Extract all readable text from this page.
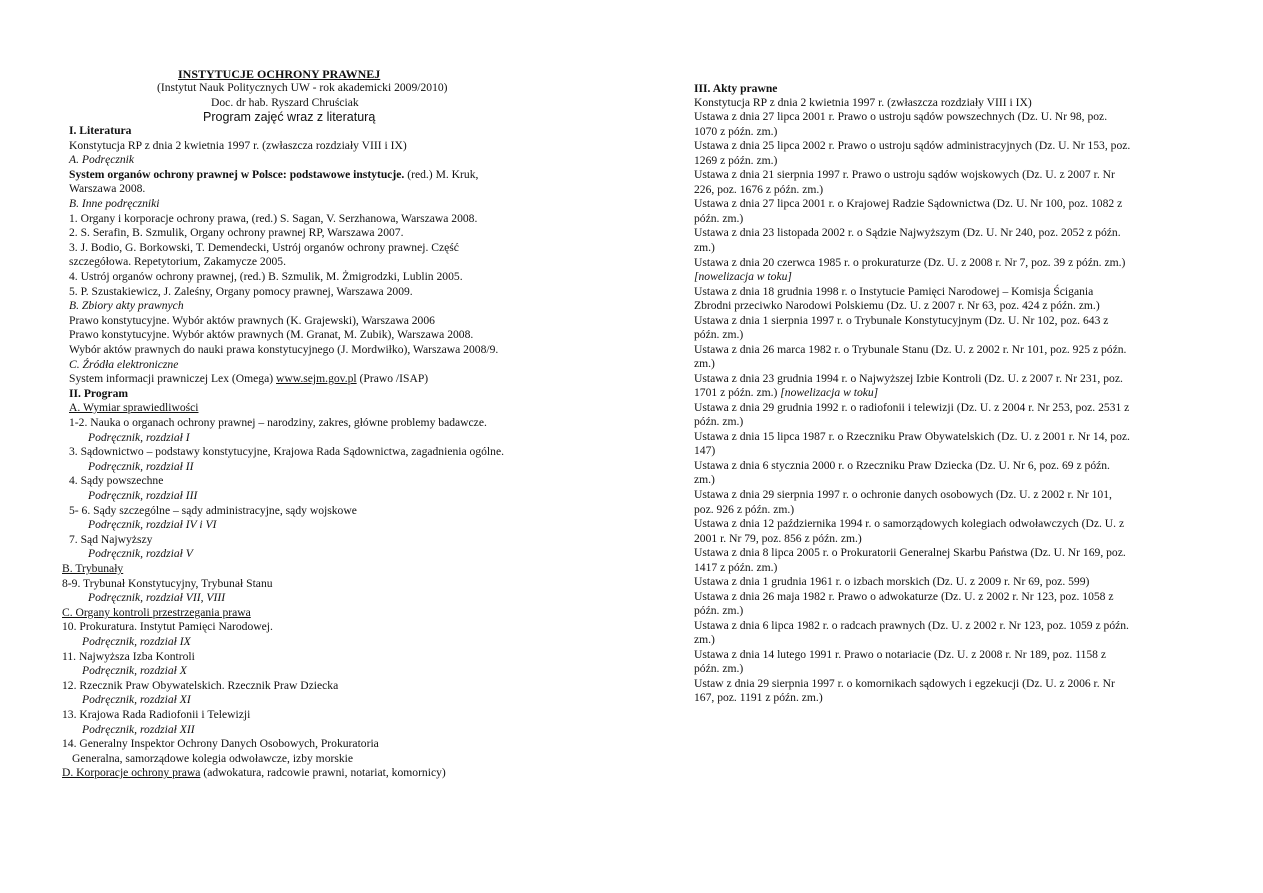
INSTYTUCJE OCHRONY PRAWNEJ
(Instytut Nauk Politycznych UW - rok akademicki 2009/2010)
Doc. dr hab. Ryszard Chruściak
Program zajęć wraz z literaturą
I. Literatura
Konstytucja RP z dnia 2 kwietnia 1997 r. (zwłaszcza rozdziały VIII i IX)
A. Podręcznik
System organów ochrony prawnej w Polsce: podstawowe instytucje. (red.) M. Kruk,
Warszawa 2008.
B. Inne podręczniki
1. Organy i korporacje ochrony prawa, (red.) S. Sagan, V. Serzhanowa, Warszawa 2008.
2. S. Serafin, B. Szmulik, Organy ochrony prawnej RP, Warszawa 2007.
3. J. Bodio, G. Borkowski, T. Demendecki, Ustrój organów ochrony prawnej. Część
szczegółowa. Repetytorium, Zakamycze 2005.
4. Ustrój organów ochrony prawnej, (red.) B. Szmulik, M. Żmigrodzki, Lublin 2005.
5. P. Szustakiewicz, J. Zaleśny, Organy pomocy prawnej, Warszawa 2009.
B. Zbiory akty prawnych
Prawo konstytucyjne. Wybór aktów prawnych (K. Grajewski), Warszawa 2006
Prawo konstytucyjne. Wybór aktów prawnych (M. Granat, M. Zubik), Warszawa 2008.
Wybór aktów prawnych do nauki prawa konstytucyjnego (J. Mordwiłko), Warszawa 2008/9.
C. Źródła elektroniczne
System informacji prawniczej Lex (Omega) www.sejm.gov.pl (Prawo /ISAP)
II. Program
A. Wymiar sprawiedliwości
1-2. Nauka o organach ochrony prawnej – narodziny, zakres, główne problemy badawcze.
Podręcznik, rozdział I
3. Sądownictwo – podstawy konstytucyjne, Krajowa Rada Sądownictwa, zagadnienia ogólne.
Podręcznik, rozdział II
4. Sądy powszechne
Podręcznik, rozdział III
5- 6. Sądy szczególne – sądy administracyjne, sądy wojskowe
Podręcznik, rozdział IV i VI
7. Sąd Najwyższy
Podręcznik, rozdział V
B. Trybunały
8-9. Trybunał Konstytucyjny, Trybunał Stanu
Podręcznik, rozdział VII, VIII
C. Organy kontroli przestrzegania prawa
10. Prokuratura. Instytut Pamięci Narodowej.
Podręcznik, rozdział IX
11. Najwyższa Izba Kontroli
Podręcznik, rozdział X
12. Rzecznik Praw Obywatelskich. Rzecznik Praw Dziecka
Podręcznik, rozdział XI
13. Krajowa Rada Radiofonii i Telewizji
Podręcznik, rozdział XII
14. Generalny Inspektor Ochrony Danych Osobowych, Prokuratoria
Generalna, samorządowe kolegia odwoławcze, izby morskie
D. Korporacje ochrony prawa (adwokatura, radcowie prawni, notariat, komornicy)
III. Akty prawne
Konstytucja RP z dnia 2 kwietnia 1997 r. (zwłaszcza rozdziały VIII i IX)
Ustawa z dnia 27 lipca 2001 r. Prawo o ustroju sądów powszechnych (Dz. U. Nr 98, poz.
1070 z późn. zm.)
Ustawa z dnia 25 lipca 2002 r. Prawo o ustroju sądów administracyjnych (Dz. U. Nr 153, poz.
1269 z późn. zm.)
Ustawa z dnia 21 sierpnia 1997 r. Prawo o ustroju sądów wojskowych (Dz. U. z 2007 r. Nr
226, poz. 1676 z późn. zm.)
Ustawa z dnia 27 lipca 2001 r. o Krajowej Radzie Sądownictwa (Dz. U. Nr 100, poz. 1082 z
późn. zm.)
Ustawa z dnia 23 listopada 2002 r. o Sądzie Najwyższym (Dz. U. Nr 240, poz. 2052 z późn.
zm.)
Ustawa z dnia 20 czerwca 1985 r. o prokuraturze (Dz. U. z 2008 r. Nr 7, poz. 39 z późn. zm.)
[nowelizacja w toku]
Ustawa z dnia 18 grudnia 1998 r. o Instytucie Pamięci Narodowej – Komisja Ścigania
Zbrodni przeciwko Narodowi Polskiemu (Dz. U. z 2007 r. Nr 63, poz. 424 z późn. zm.)
Ustawa z dnia 1 sierpnia 1997 r. o Trybunale Konstytucyjnym (Dz. U. Nr 102, poz. 643 z
późn. zm.)
Ustawa z dnia 26 marca 1982 r. o Trybunale Stanu (Dz. U. z 2002 r. Nr 101, poz. 925 z późn.
zm.)
Ustawa z dnia 23 grudnia 1994 r. o Najwyższej Izbie Kontroli (Dz. U. z 2007 r. Nr 231, poz.
1701 z późn. zm.) [nowelizacja w toku]
Ustawa z dnia 29 grudnia 1992 r. o radiofonii i telewizji (Dz. U. z 2004 r. Nr 253, poz. 2531 z
późn. zm.)
Ustawa z dnia 15 lipca 1987 r. o Rzeczniku Praw Obywatelskich (Dz. U. z 2001 r. Nr 14, poz.
147)
Ustawa z dnia 6 stycznia 2000 r. o Rzeczniku Praw Dziecka (Dz. U. Nr 6, poz. 69 z późn.
zm.)
Ustawa z dnia 29 sierpnia 1997 r. o ochronie danych osobowych (Dz. U. z 2002 r. Nr 101,
poz. 926 z późn. zm.)
Ustawa z dnia 12 października 1994 r. o samorządowych kolegiach odwoławczych (Dz. U. z
2001 r. Nr 79, poz. 856 z późn. zm.)
Ustawa z dnia 8 lipca 2005 r. o Prokuratorii Generalnej Skarbu Państwa (Dz. U. Nr 169, poz.
1417 z późn. zm.)
Ustawa z dnia 1 grudnia 1961 r. o izbach morskich (Dz. U. z 2009 r. Nr 69, poz. 599)
Ustawa z dnia 26 maja 1982 r. Prawo o adwokaturze (Dz. U. z 2002 r. Nr 123, poz. 1058 z
późn. zm.)
Ustawa z dnia 6 lipca 1982 r. o radcach prawnych (Dz. U. z 2002 r. Nr 123, poz. 1059 z późn.
zm.)
Ustawa z dnia 14 lutego 1991 r. Prawo o notariacie (Dz. U. z 2008 r. Nr 189, poz. 1158 z
późn. zm.)
Ustaw z dnia 29 sierpnia 1997 r. o komornikach sądowych i egzekucji (Dz. U. z 2006 r. Nr
167, poz. 1191 z późn. zm.)
